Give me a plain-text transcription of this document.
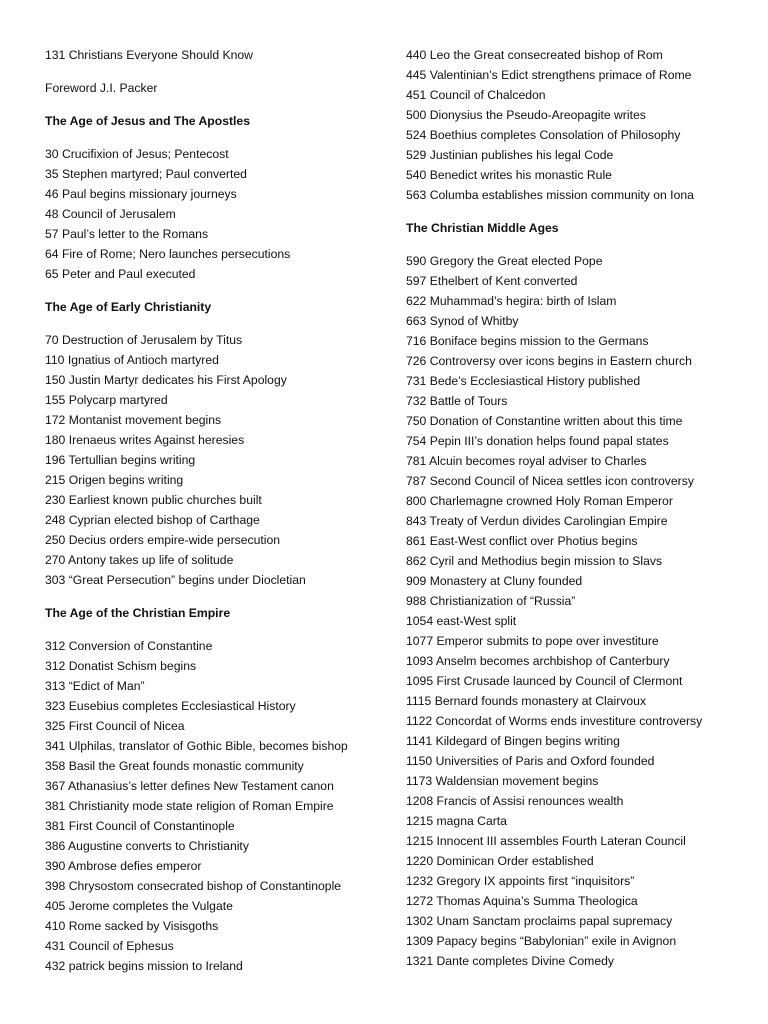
131 Christians Everyone Should Know
Foreword J.I. Packer
The Age of Jesus and The Apostles
30 Crucifixion of Jesus; Pentecost
35 Stephen martyred; Paul converted
46 Paul begins missionary journeys
48 Council of Jerusalem
57 Paul’s letter to the Romans
64 Fire of Rome; Nero launches persecutions
65 Peter and Paul executed
The Age of Early Christianity
70 Destruction of Jerusalem by Titus
110 Ignatius of Antioch martyred
150 Justin Martyr dedicates his First Apology
155 Polycarp martyred
172 Montanist movement begins
180 Irenaeus writes Against heresies
196 Tertullian begins writing
215 Origen begins writing
230 Earliest known public churches built
248 Cyprian elected bishop of Carthage
250 Decius orders empire-wide persecution
270 Antony takes up life of solitude
303 “Great Persecution” begins under Diocletian
The Age of the Christian Empire
312 Conversion of Constantine
312 Donatist Schism begins
313 “Edict of Man”
323 Eusebius completes Ecclesiastical History
325 First Council of Nicea
341 Ulphilas, translator of Gothic Bible, becomes bishop
358 Basil the Great founds monastic community
367 Athanasius’s letter defines New Testament canon
381 Christianity mode state religion of Roman Empire
381 First Council of Constantinople
386 Augustine converts to Christianity
390 Ambrose defies emperor
398 Chrysostom consecrated bishop of Constantinople
405 Jerome completes the Vulgate
410 Rome sacked by Visisgoths
431 Council of Ephesus
432 patrick begins mission to Ireland
440 Leo the Great consecreated bishop of Rom
445 Valentinian’s Edict strengthens primace of Rome
451 Council of Chalcedon
500 Dionysius the Pseudo-Areopagite writes
524 Boethius completes Consolation of Philosophy
529 Justinian publishes his legal Code
540 Benedict writes his monastic Rule
563 Columba establishes mission community on Iona
The Christian Middle Ages
590 Gregory the Great elected Pope
597 Ethelbert of Kent converted
622 Muhammad’s hegira: birth of Islam
663 Synod of Whitby
716 Boniface begins mission to the Germans
726 Controversy over icons begins in Eastern church
731 Bede’s Ecclesiastical History published
732 Battle of Tours
750 Donation of Constantine written about this time
754 Pepin III’s donation helps found papal states
781 Alcuin becomes royal adviser to Charles
787 Second Council of Nicea settles icon controversy
800 Charlemagne crowned Holy Roman Emperor
843 Treaty of Verdun divides Carolingian Empire
861 East-West conflict over Photius begins
862 Cyril and Methodius begin mission to Slavs
909 Monastery at Cluny founded
988 Christianization of “Russia”
1054 east-West split
1077 Emperor submits to pope over investiture
1093 Anselm becomes archbishop of Canterbury
1095 First Crusade launced by Council of Clermont
1115 Bernard founds monastery at Clairvoux
1122 Concordat of Worms ends investiture controversy
1141 Kildegard of Bingen begins writing
1150 Universities of Paris and Oxford founded
1173 Waldensian movement begins
1208 Francis of Assisi renounces wealth
1215 magna Carta
1215 Innocent III assembles Fourth Lateran Council
1220 Dominican Order established
1232 Gregory IX appoints first “inquisitors”
1272 Thomas Aquina’s Summa Theologica
1302 Unam Sanctam proclaims papal supremacy
1309 Papacy begins “Babylonian” exile in Avignon
1321 Dante completes Divine Comedy
